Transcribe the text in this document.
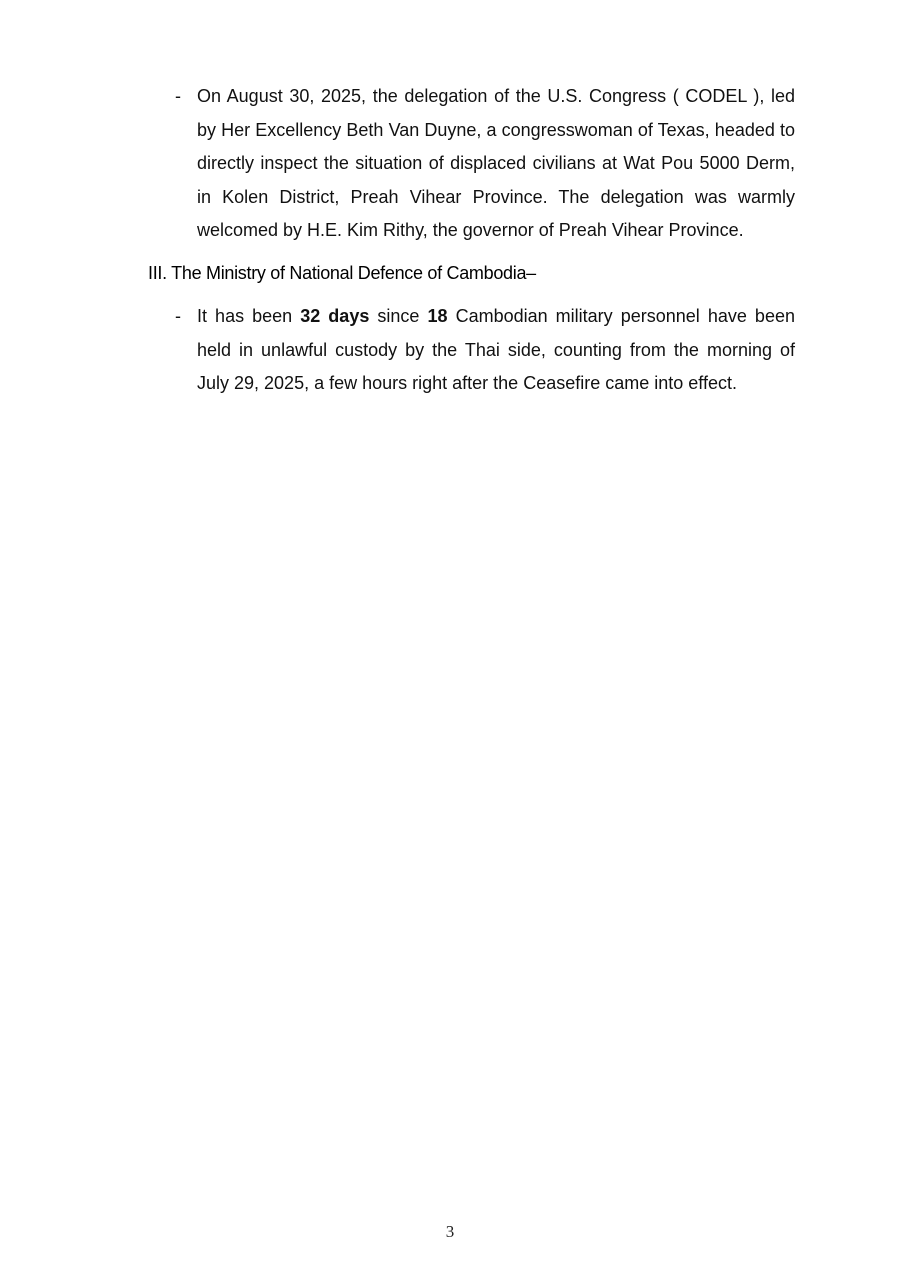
- On August 30, 2025, the delegation of the U.S. Congress ( CODEL ), led by Her Excellency Beth Van Duyne, a congresswoman of Texas, headed to directly inspect the situation of displaced civilians at Wat Pou 5000 Derm, in Kolen District, Preah Vihear Province. The delegation was warmly welcomed by H.E. Kim Rithy, the governor of Preah Vihear Province.
III. The Ministry of National Defence of Cambodia–
- It has been 32 days since 18 Cambodian military personnel have been held in unlawful custody by the Thai side, counting from the morning of July 29, 2025, a few hours right after the Ceasefire came into effect.
3
